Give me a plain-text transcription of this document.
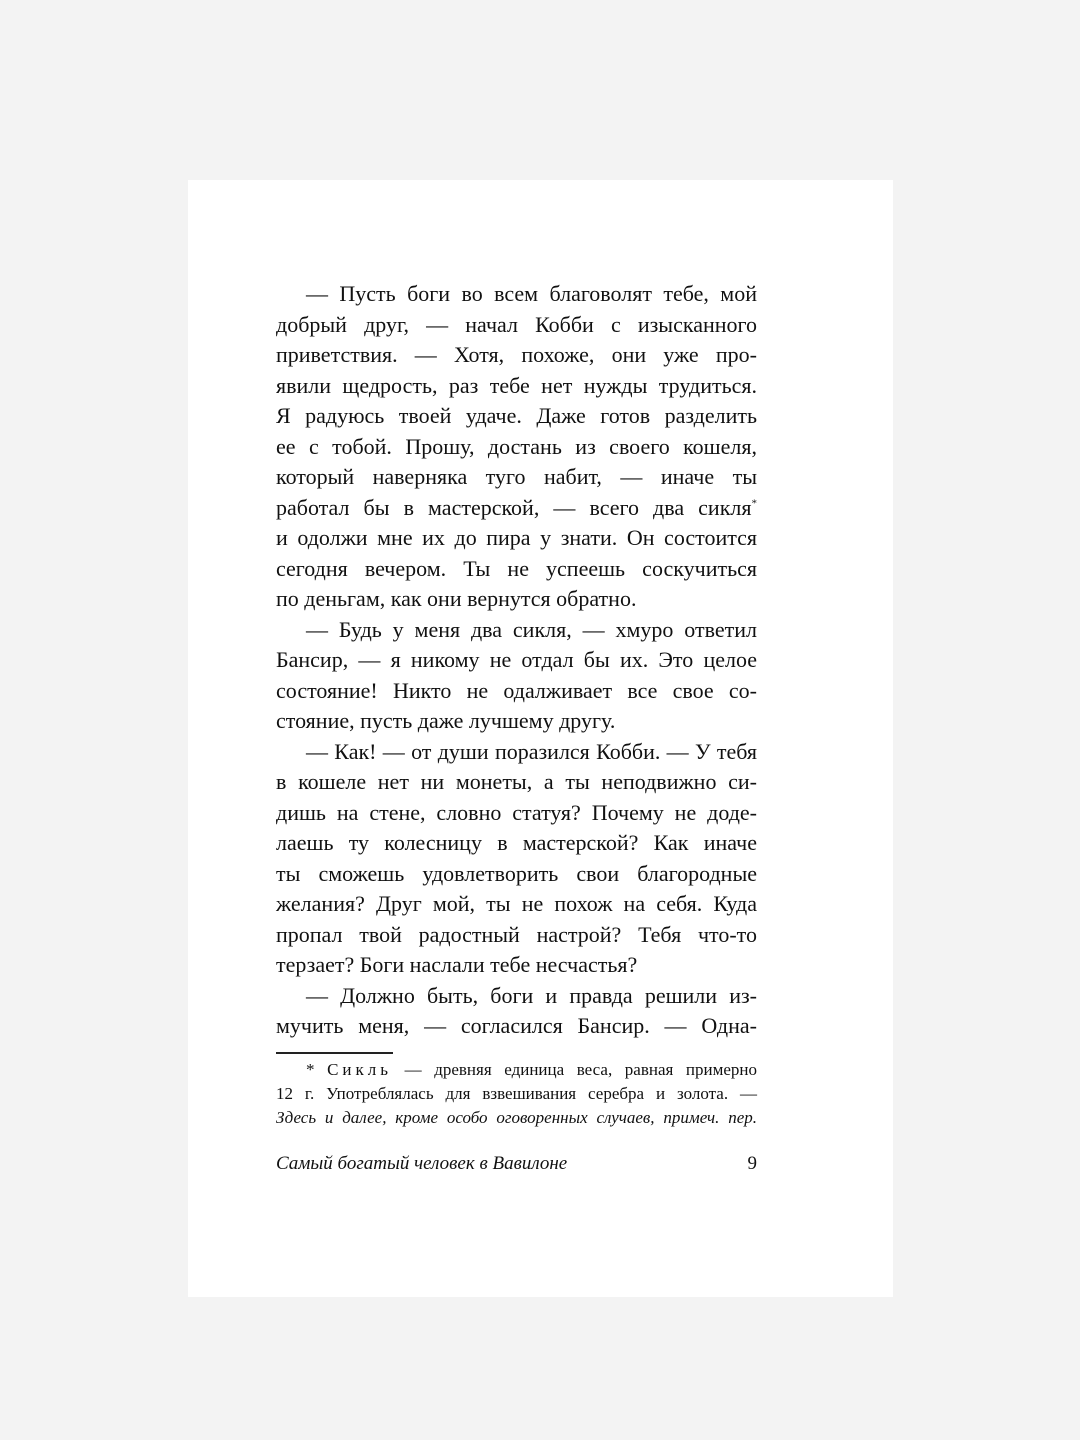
— Пусть боги во всем благоволят тебе, мой
добрый друг, — начал Кобби с изысканного
приветствия. — Хотя, похоже, они уже про-
явили щедрость, раз тебе нет нужды трудиться.
Я радуюсь твоей удаче. Даже готов разделить
ее с тобой. Прошу, достань из своего кошеля,
который наверняка туго набит, — иначе ты
работал бы в мастерской, — всего два сикля*
и одолжи мне их до пира у знати. Он состоится
сегодня вечером. Ты не успеешь соскучиться
по деньгам, как они вернутся обратно.
— Будь у меня два сикля, — хмуро ответил
Бансир, — я никому не отдал бы их. Это целое
состояние! Никто не одалживает все свое со-
стояние, пусть даже лучшему другу.
— Как! — от души поразился Кобби. — У тебя
в кошеле нет ни монеты, а ты неподвижно си-
дишь на стене, словно статуя? Почему не доде-
лаешь ту колесницу в мастерской? Как иначе
ты сможешь удовлетворить свои благородные
желания? Друг мой, ты не похож на себя. Куда
пропал твой радостный настрой? Тебя что-то
терзает? Боги наслали тебе несчастья?
— Должно быть, боги и правда решили из-
мучить меня, — согласился Бансир. — Одна-
* Сикль — древняя единица веса, равная примерно
12 г. Употреблялась для взвешивания серебра и золота. —
Здесь и далее, кроме особо оговоренных случаев, примеч. пер.
Самый богатый человек в Вавилоне	9
